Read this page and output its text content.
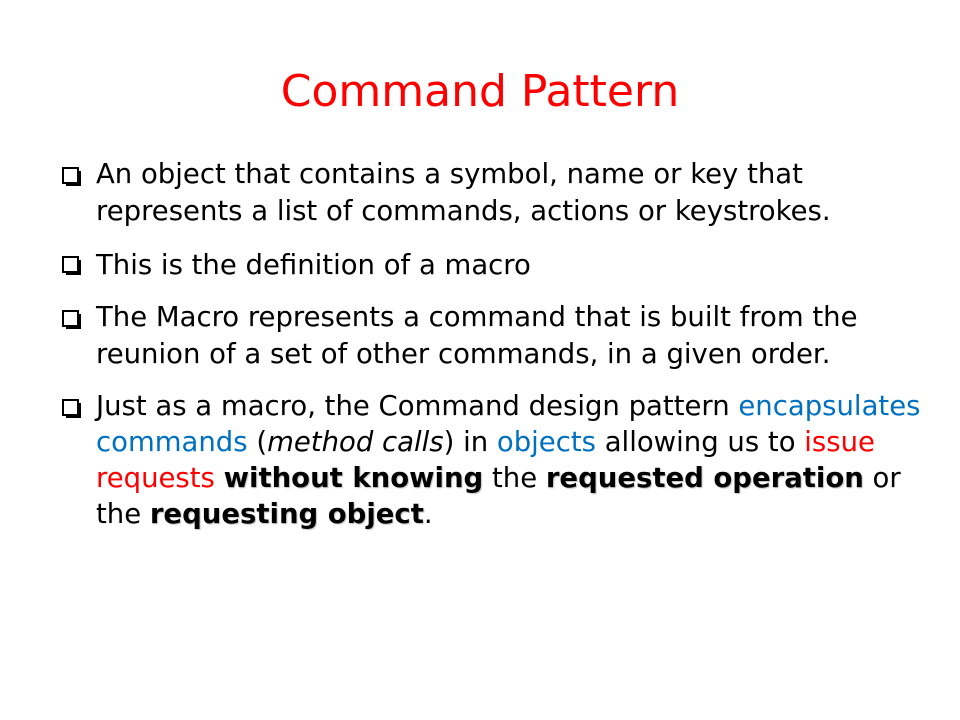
Command Pattern
An object that contains a symbol, name or key that represents a list of commands, actions or keystrokes.
This is the definition of a macro
The Macro represents a command that is built from the reunion of a set of other commands, in a given order.
Just as a macro, the Command design pattern encapsulates commands (method calls) in objects allowing us to issue requests without knowing the requested operation or the requesting object.
